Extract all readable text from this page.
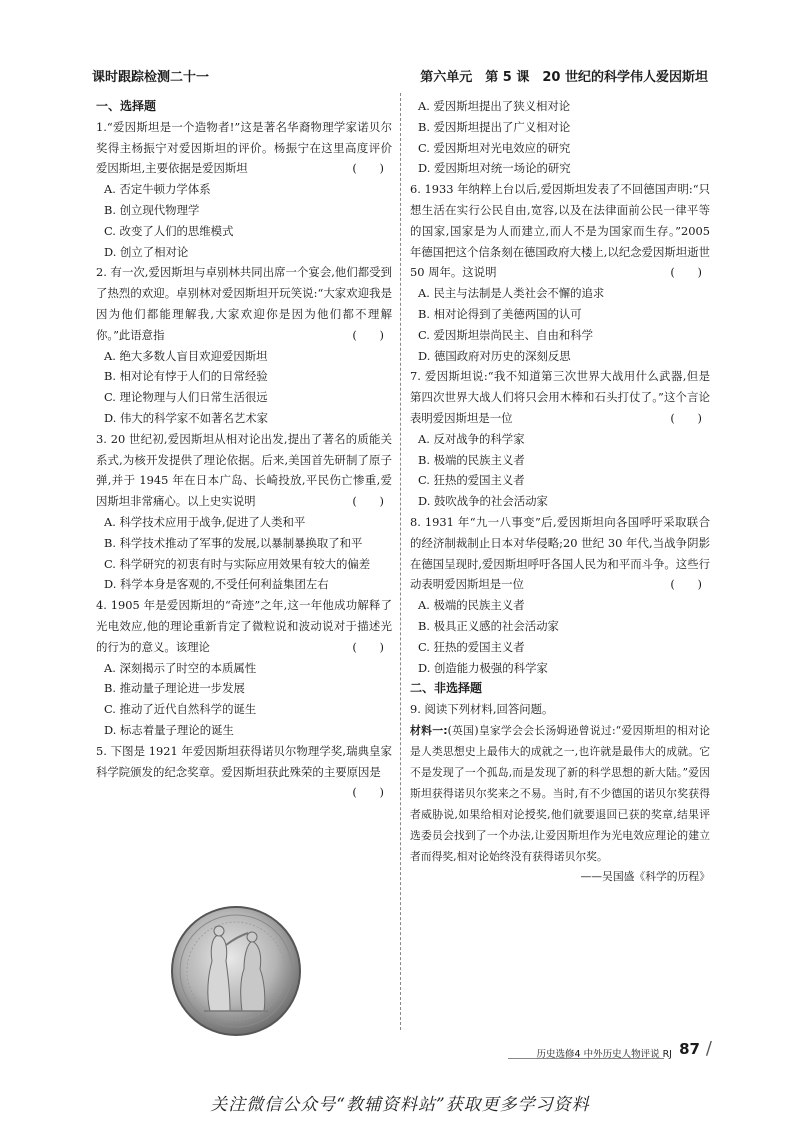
课时跟踪检测二十一	第六单元　第 5 课　20 世纪的科学伟人爱因斯坦

一、选择题

1.“爱因斯坦是一个造物者!”这是著名华裔物理学家诺贝尔奖得主杨振宁对爱因斯坦的评价。杨振宁在这里高度评价爱因斯坦,主要依据是爱因斯坦	(　　)

A. 否定牛顿力学体系

B. 创立现代物理学

C. 改变了人们的思维模式

D. 创立了相对论

2. 有一次,爱因斯坦与卓别林共同出席一个宴会,他们都受到了热烈的欢迎。卓别林对爱因斯坦开玩笑说:“大家欢迎我是因为他们都能理解我,大家欢迎你是因为他们都不理解你。”此语意指	(　　)

A. 绝大多数人盲目欢迎爱因斯坦

B. 相对论有悖于人们的日常经验

C. 理论物理与人们日常生活很远

D. 伟大的科学家不如著名艺术家

3. 20 世纪初,爱因斯坦从相对论出发,提出了著名的质能关系式,为核开发提供了理论依据。后来,美国首先研制了原子弹,并于 1945 年在日本广岛、长崎投放,平民伤亡惨重,爱因斯坦非常痛心。以上史实说明	(　　)

A. 科学技术应用于战争,促进了人类和平

B. 科学技术推动了军事的发展,以暴制暴换取了和平

C. 科学研究的初衷有时与实际应用效果有较大的偏差

D. 科学本身是客观的,不受任何利益集团左右

4. 1905 年是爱因斯坦的“奇迹”之年,这一年他成功解释了光电效应,他的理论重新肯定了微粒说和波动说对于描述光的行为的意义。该理论	(　　)

A. 深刻揭示了时空的本质属性

B. 推动量子理论进一步发展

C. 推动了近代自然科学的诞生

D. 标志着量子理论的诞生

5. 下图是 1921 年爱因斯坦获得诺贝尔物理学奖,瑞典皇家科学院颁发的纪念奖章。爱因斯坦获此殊荣的主要原因是
(　　)

A. 爱因斯坦提出了狭义相对论

B. 爱因斯坦提出了广义相对论

C. 爱因斯坦对光电效应的研究

D. 爱因斯坦对统一场论的研究

6. 1933 年纳粹上台以后,爱因斯坦发表了不回德国声明:“只想生活在实行公民自由,宽容,以及在法律面前公民一律平等的国家,国家是为人而建立,而人不是为国家而生存。”2005 年德国把这个信条刻在德国政府大楼上,以纪念爱因斯坦逝世 50 周年。这说明	(　　)

A. 民主与法制是人类社会不懈的追求

B. 相对论得到了美德两国的认可

C. 爱因斯坦崇尚民主、自由和科学

D. 德国政府对历史的深刻反思

7. 爱因斯坦说:“我不知道第三次世界大战用什么武器,但是第四次世界大战人们将只会用木棒和石头打仗了。”这个言论表明爱因斯坦是一位	(　　)

A. 反对战争的科学家

B. 极端的民族主义者

C. 狂热的爱国主义者

D. 鼓吹战争的社会活动家

8. 1931 年“九一八事变”后,爱因斯坦向各国呼吁采取联合的经济制裁制止日本对华侵略;20 世纪 30 年代,当战争阴影在德国呈现时,爱因斯坦呼吁各国人民为和平而斗争。这些行动表明爱因斯坦是一位	(　　)

A. 极端的民族主义者

B. 极具正义感的社会活动家

C. 狂热的爱国主义者

D. 创造能力极强的科学家

二、非选择题

9. 阅读下列材料,回答问题。

材料一:(英国)皇家学会会长汤姆逊曾说过:“爱因斯坦的相对论是人类思想史上最伟大的成就之一,也许就是最伟大的成就。它不是发现了一个孤岛,而是发现了新的科学思想的新大陆。”爱因斯坦获得诺贝尔奖来之不易。当时,有不少德国的诺贝尔奖获得者威胁说,如果给相对论授奖,他们就要退回已获的奖章,结果评选委员会找到了一个办法,让爱因斯坦作为光电效应理论的建立者而得奖,相对论始终没有获得诺贝尔奖。

——吴国盛《科学的历程》

历史选修4 中外历史人物评说 RJ 87 /
关注微信公众号“教辅资料站”获取更多学习资料
